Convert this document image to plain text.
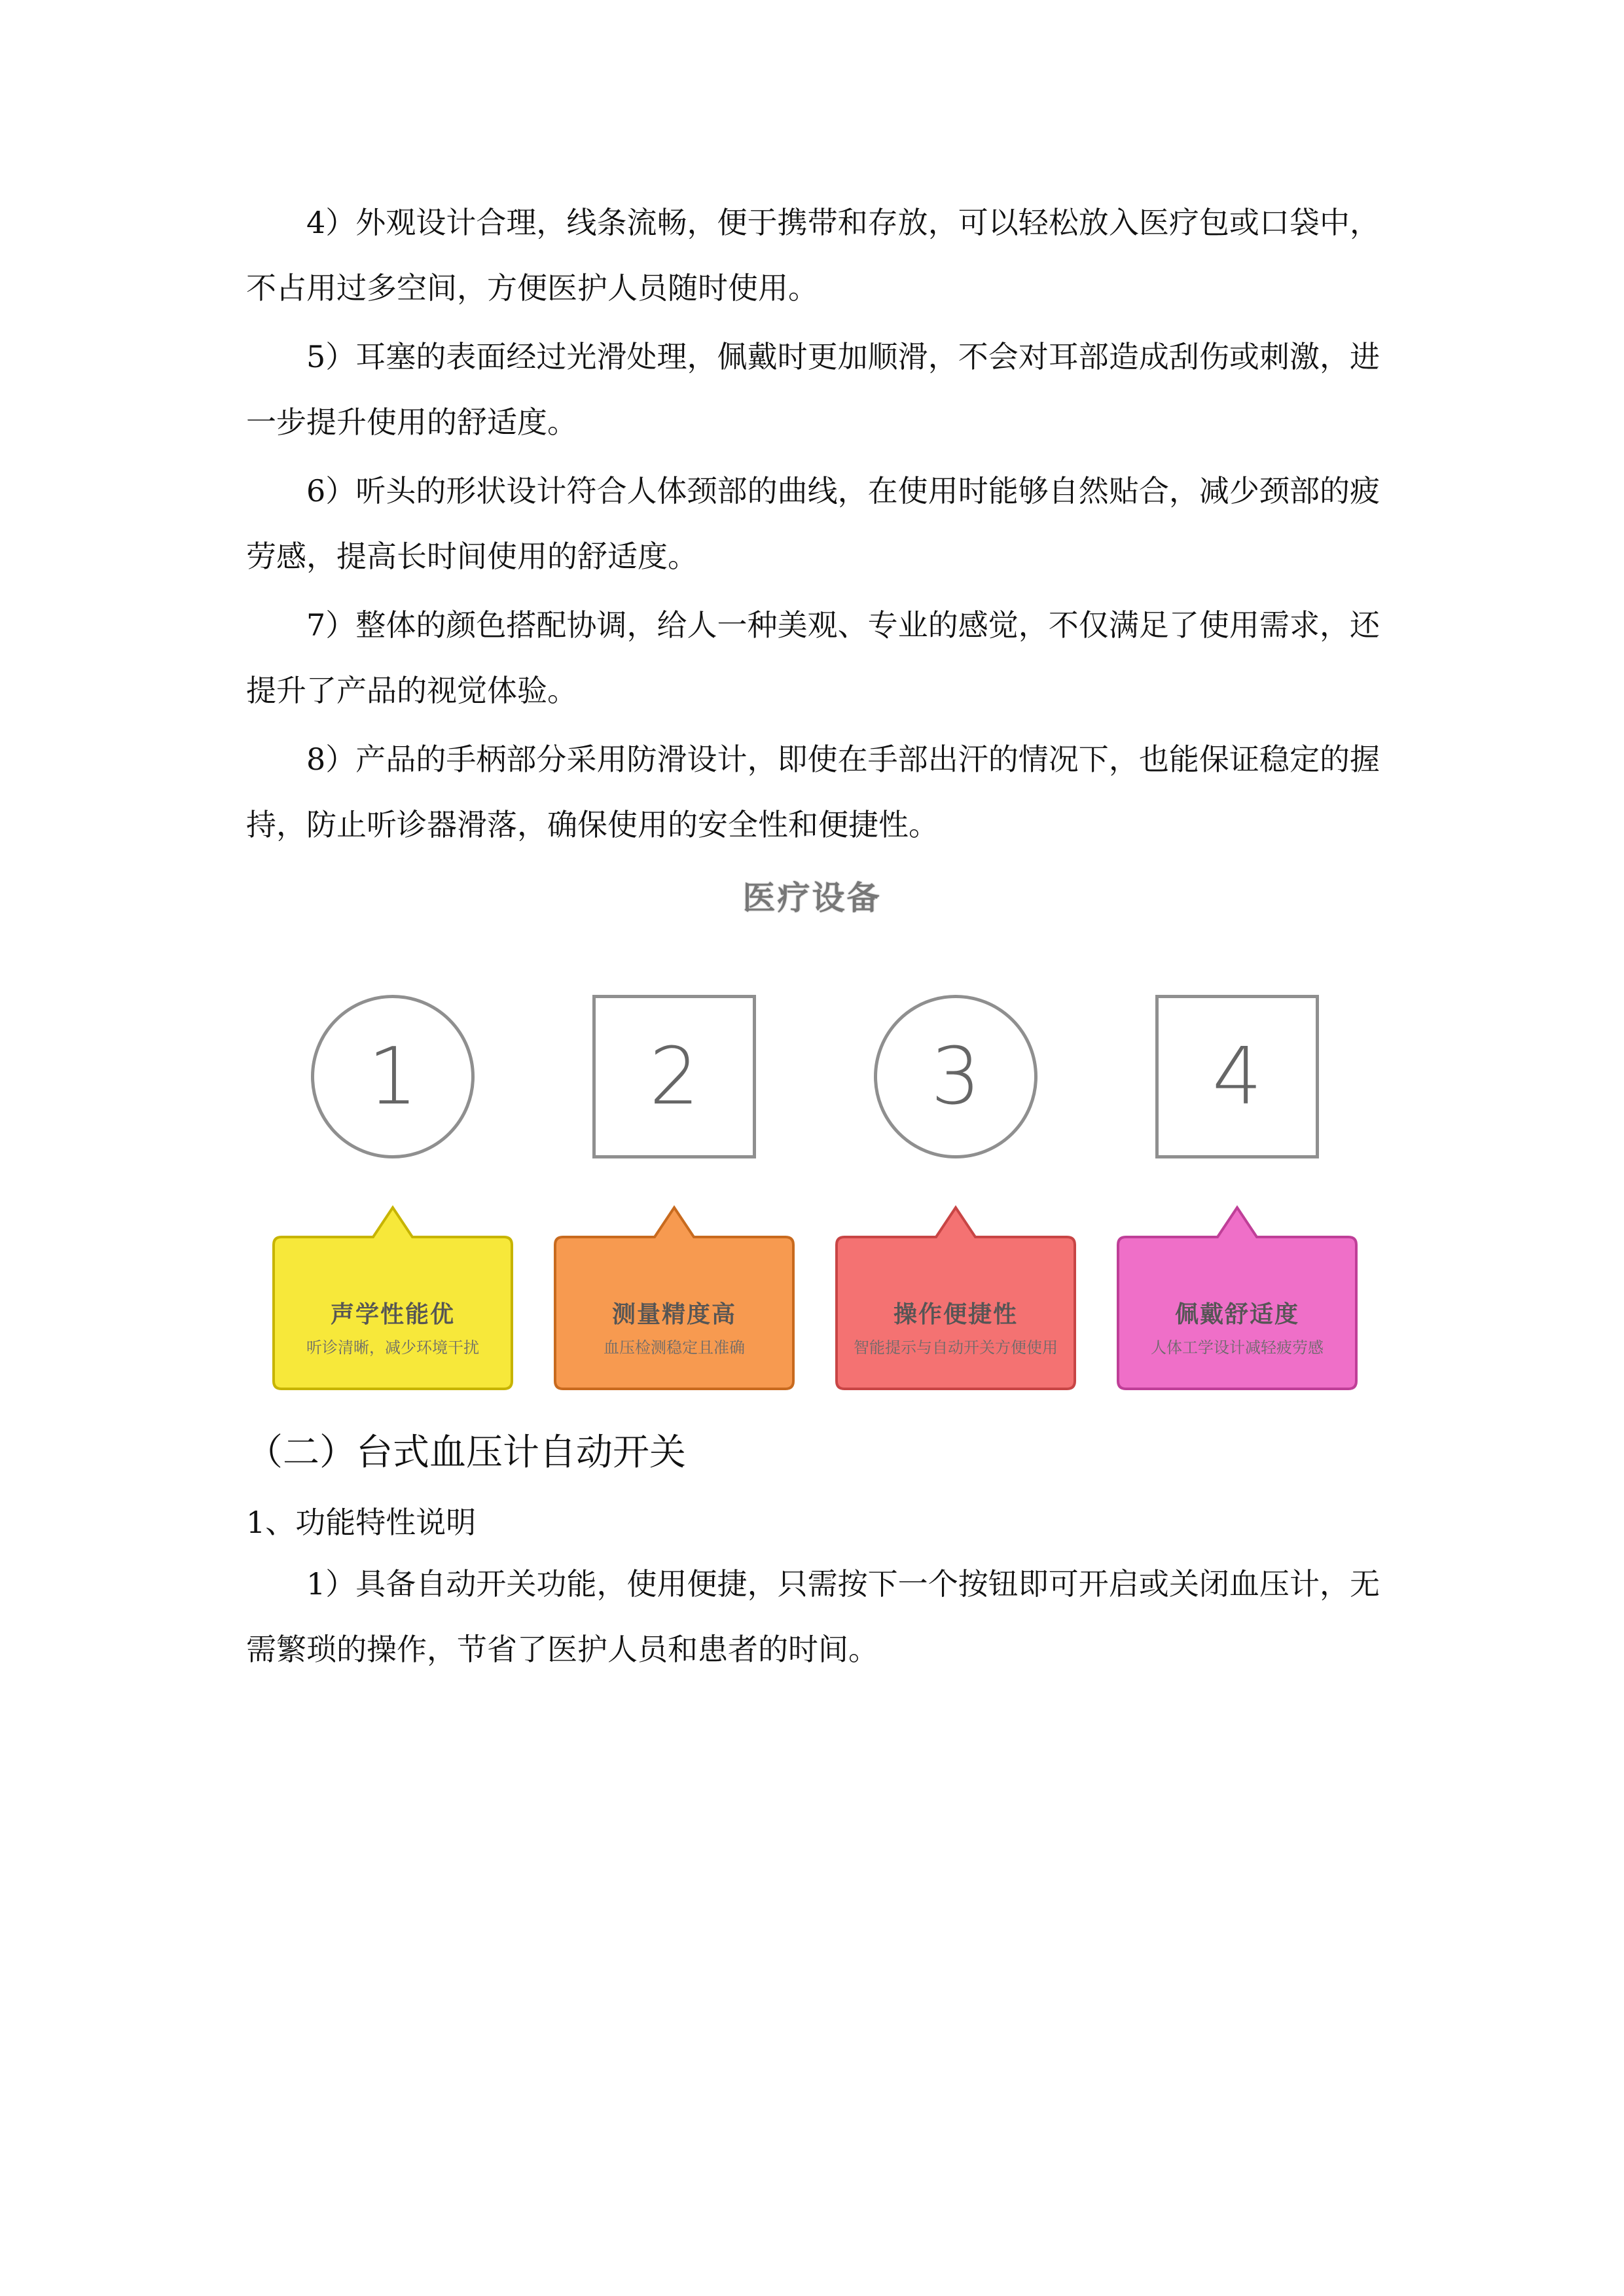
4）外观设计合理，线条流畅，便于携带和存放，可以轻松放入医疗包或口袋中，不占用过多空间，方便医护人员随时使用。

5）耳塞的表面经过光滑处理，佩戴时更加顺滑，不会对耳部造成刮伤或刺激，进一步提升使用的舒适度。

6）听头的形状设计符合人体颈部的曲线，在使用时能够自然贴合，减少颈部的疲劳感，提高长时间使用的舒适度。

7）整体的颜色搭配协调，给人一种美观、专业的感觉，不仅满足了使用需求，还提升了产品的视觉体验。

8）产品的手柄部分采用防滑设计，即使在手部出汗的情况下，也能保证稳定的握持，防止听诊器滑落，确保使用的安全性和便捷性。

医疗设备
1	2	3	4
声学性能优
听诊清晰，减少环境干扰
测量精度高
血压检测稳定且准确
操作便捷性
智能提示与自动开关方便使用
佩戴舒适度
人体工学设计减轻疲劳感
（二）台式血压计自动开关
1、功能特性说明

1）具备自动开关功能，使用便捷，只需按下一个按钮即可开启或关闭血压计，无需繁琐的操作，节省了医护人员和患者的时间。
